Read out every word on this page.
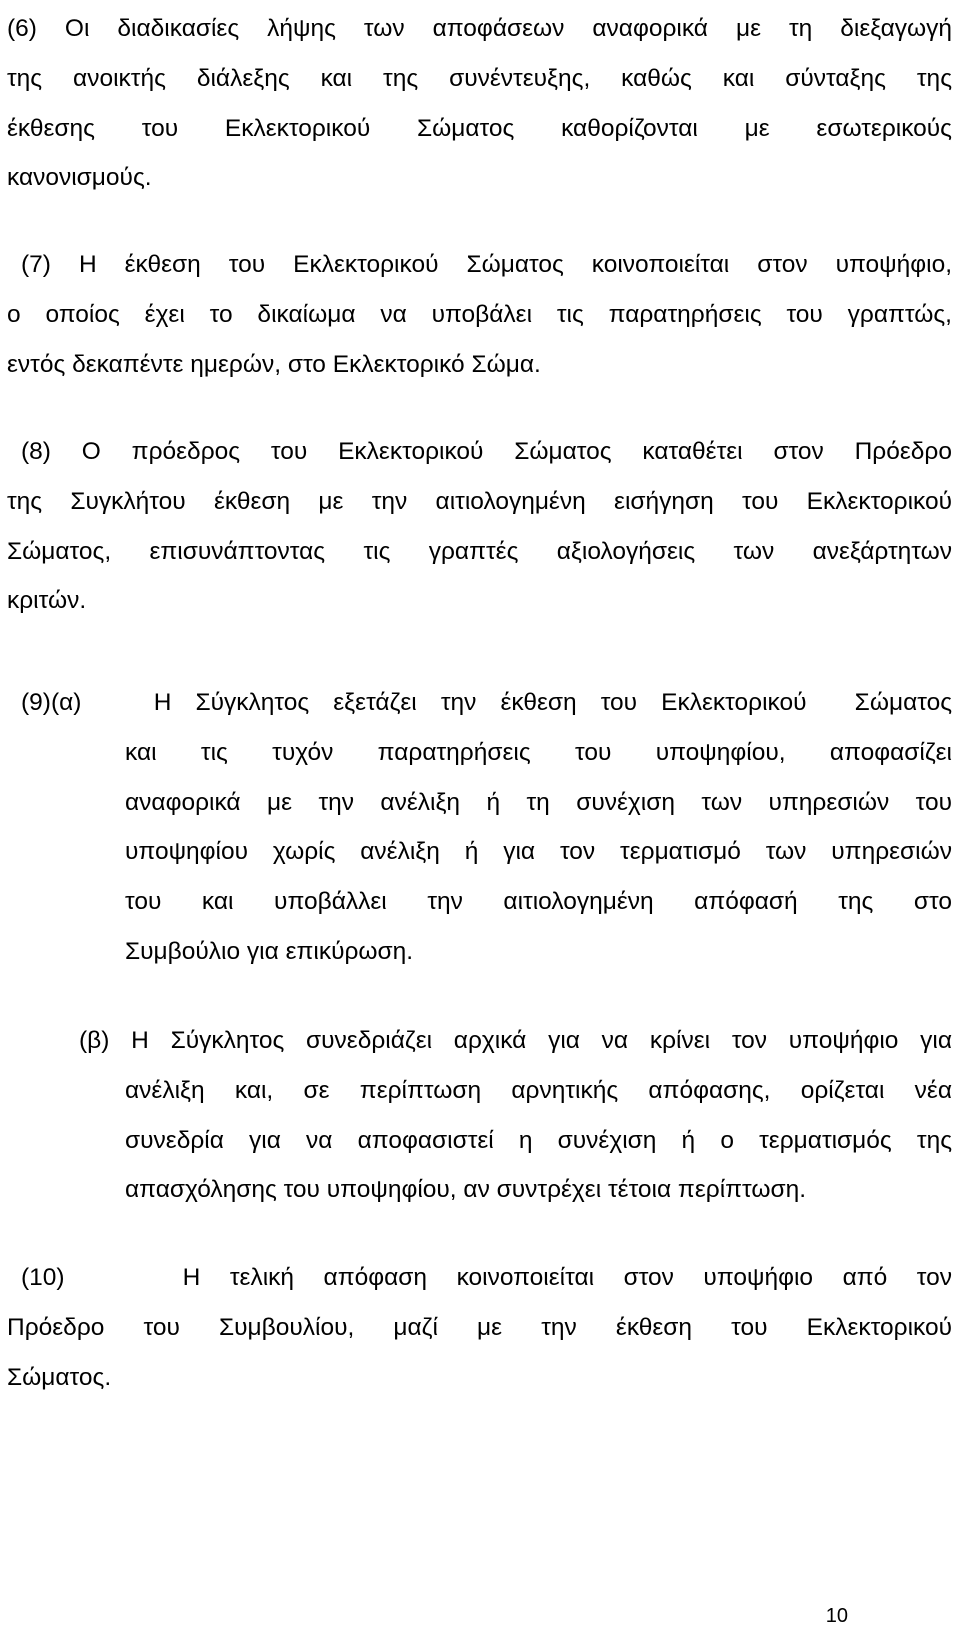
(6) Οι διαδικασίες λήψης των αποφάσεων αναφορικά με τη διεξαγωγή
της ανοικτής διάλεξης και της συνέντευξης, καθώς και σύνταξης της
έκθεσης του Εκλεκτορικού Σώματος καθορίζονται με εσωτερικούς
κανονισμούς.
(7) Η έκθεση του Εκλεκτορικού Σώματος κοινοποιείται στον υποψήφιο,
ο οποίος έχει το δικαίωμα να υποβάλει τις παρατηρήσεις του γραπτώς,
εντός δεκαπέντε ημερών, στο Εκλεκτορικό Σώμα.
(8) Ο πρόεδρος του Εκλεκτορικού Σώματος καταθέτει στον Πρόεδρο
της Συγκλήτου έκθεση με την αιτιολογημένη εισήγηση του Εκλεκτορικού
Σώματος, επισυνάπτοντας τις γραπτές αξιολογήσεις των ανεξάρτητων
κριτών.
(9)(α)   Η Σύγκλητος εξετάζει την έκθεση του Εκλεκτορικού  Σώματος
και τις τυχόν παρατηρήσεις του υποψηφίου, αποφασίζει
αναφορικά με την ανέλιξη ή τη συνέχιση των υπηρεσιών του
υποψηφίου χωρίς ανέλιξη ή για τον τερματισμό των υπηρεσιών
του και υποβάλλει την αιτιολογημένη απόφασή της στο
Συμβούλιο για επικύρωση.
(β) Η Σύγκλητος συνεδριάζει αρχικά για να κρίνει τον υποψήφιο για
ανέλιξη και, σε περίπτωση αρνητικής απόφασης, ορίζεται νέα
συνεδρία για να αποφασιστεί η συνέχιση ή ο τερματισμός της
απασχόλησης του υποψηφίου, αν συντρέχει τέτοια περίπτωση.
(10)    Η τελική απόφαση κοινοποιείται στον υποψήφιο από τον
Πρόεδρο του Συμβουλίου, μαζί με την έκθεση του Εκλεκτορικού
Σώματος.
10
